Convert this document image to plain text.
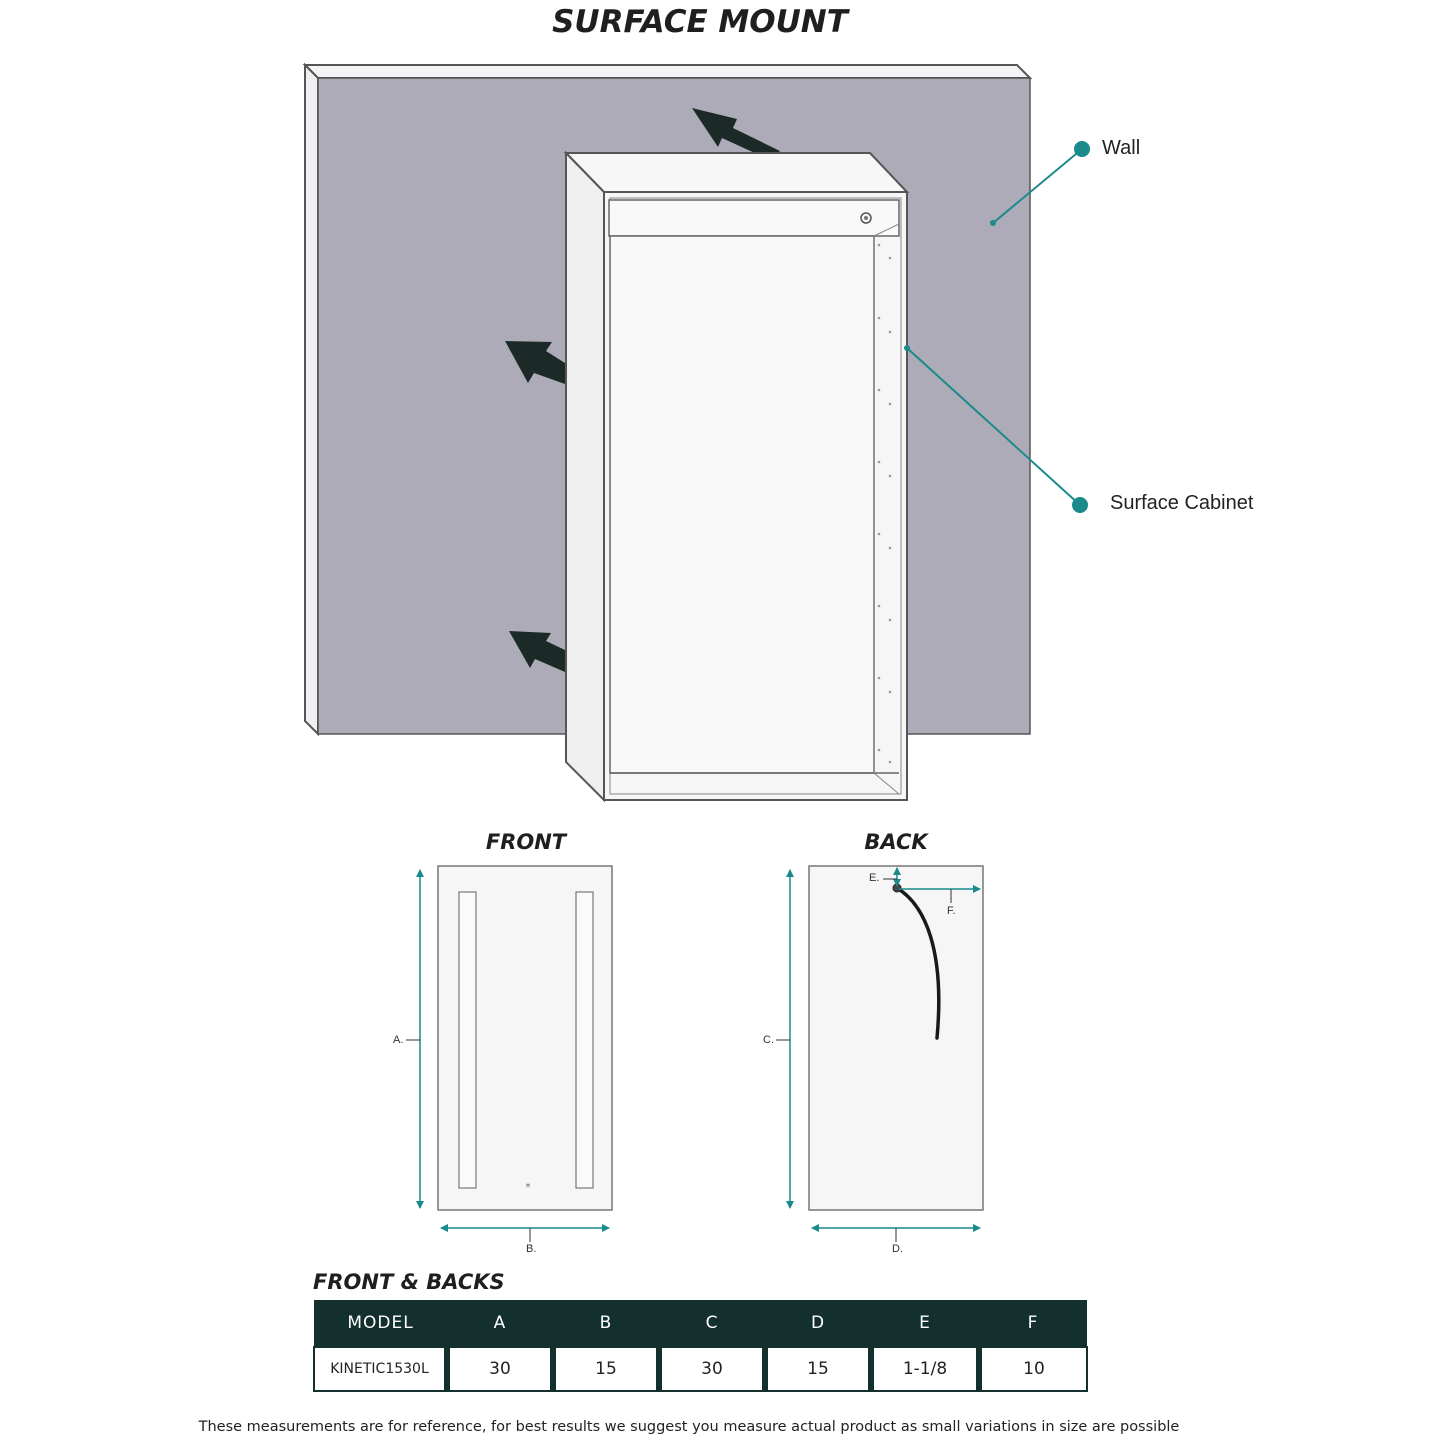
SURFACE MOUNT
*
Wall
Surface Cabinet
FRONT	BACK
A.
B.
C.
D.
E.
F.
FRONT & BACKS
MODEL	A	B	C	D	E	F
KINETIC1530L	30	15	30	15	1-1/8	10
These measurements are for reference, for best results we suggest you measure actual product as small variations in size are possible
